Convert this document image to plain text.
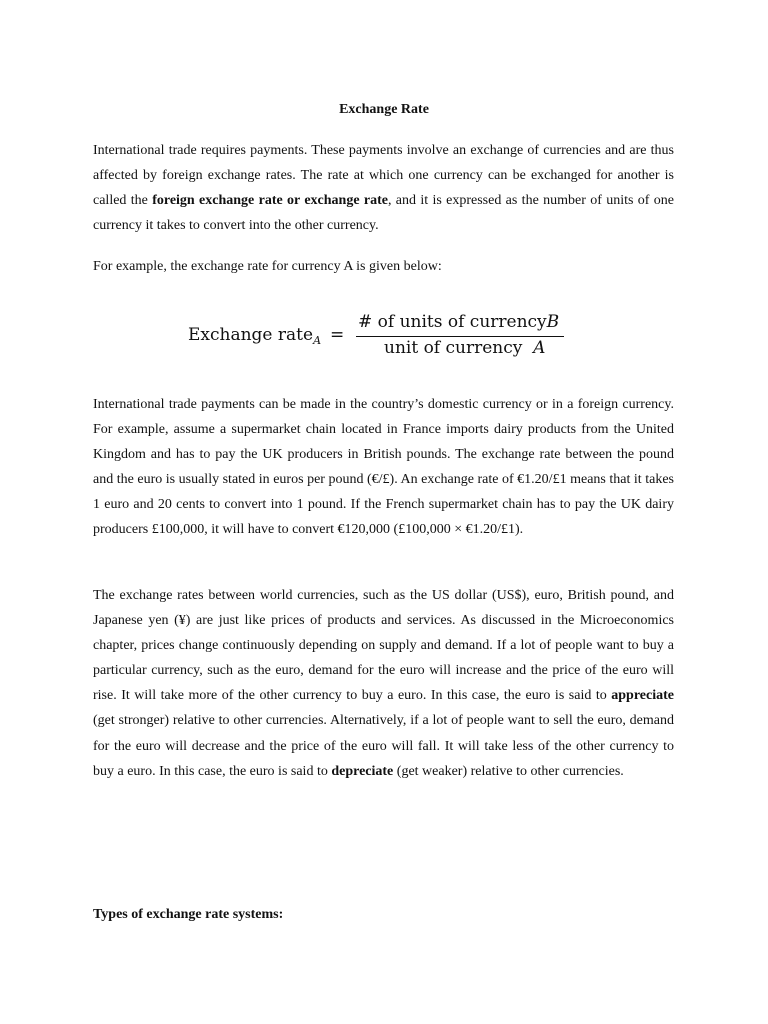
Exchange Rate

International trade requires payments. These payments involve an exchange of currencies and are thus affected by foreign exchange rates. The rate at which one currency can be exchanged for another is called the foreign exchange rate or exchange rate, and it is expressed as the number of units of one currency it takes to convert into the other currency.

For example, the exchange rate for currency A is given below:

Exchange rate$_A$ =
# of units of currencyB
unit of currency A

International trade payments can be made in the country’s domestic currency or in a foreign currency. For example, assume a supermarket chain located in France imports dairy products from the United Kingdom and has to pay the UK producers in British pounds. The exchange rate between the pound and the euro is usually stated in euros per pound (€/£). An exchange rate of €1.20/£1 means that it takes 1 euro and 20 cents to convert into 1 pound. If the French supermarket chain has to pay the UK dairy producers £100,000, it will have to convert €120,000 (£100,000 × €1.20/£1).

The exchange rates between world currencies, such as the US dollar (US$), euro, British pound, and Japanese yen (¥) are just like prices of products and services. As discussed in the Microeconomics chapter, prices change continuously depending on supply and demand. If a lot of people want to buy a particular currency, such as the euro, demand for the euro will increase and the price of the euro will rise. It will take more of the other currency to buy a euro. In this case, the euro is said to appreciate (get stronger) relative to other currencies. Alternatively, if a lot of people want to sell the euro, demand for the euro will decrease and the price of the euro will fall. It will take less of the other currency to buy a euro. In this case, the euro is said to depreciate (get weaker) relative to other currencies.

Types of exchange rate systems:
